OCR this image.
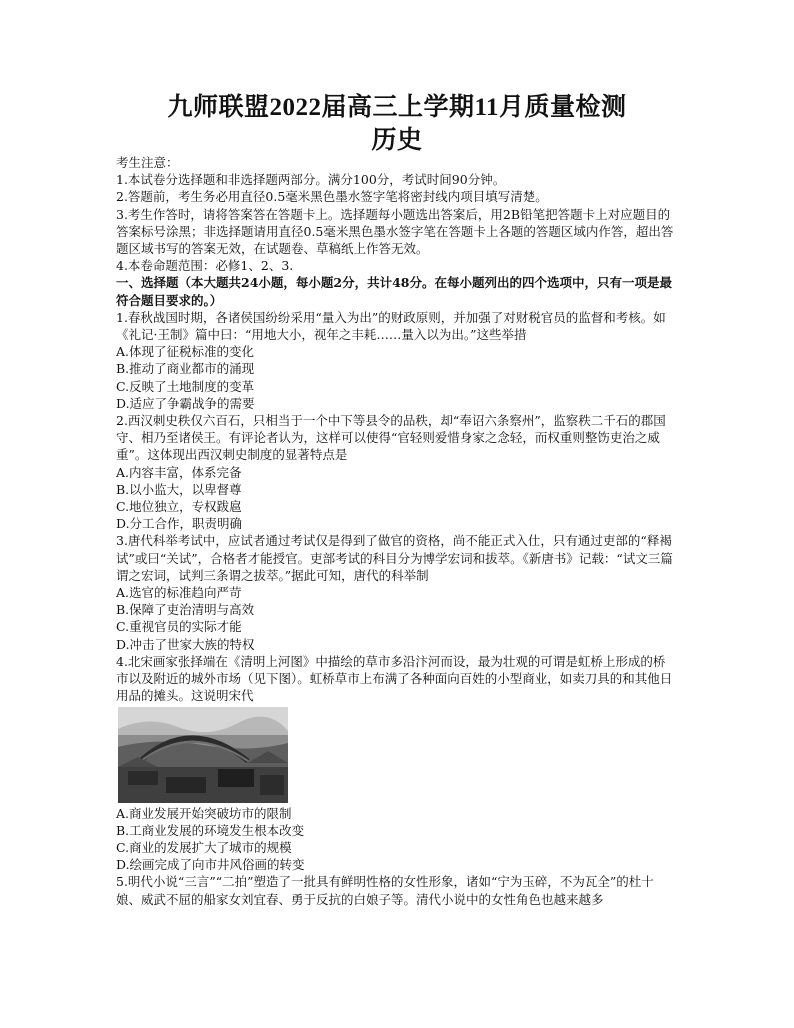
九师联盟2022届高三上学期11月质量检测
历史

考生注意：

1.本试卷分选择题和非选择题两部分。满分100分，考试时间90分钟。

2.答题前，考生务必用直径0.5毫米黑色墨水签字笔将密封线内项目填写清楚。

3.考生作答时，请将答案答在答题卡上。选择题每小题选出答案后，用2B铅笔把答题卡上对应题目的答案标号涂黑；非选择题请用直径0.5毫米黑色墨水签字笔在答题卡上各题的答题区域内作答，超出答题区域书写的答案无效，在试题卷、草稿纸上作答无效。

4.本卷命题范围：必修1、2、3.

一、选择题（本大题共24小题，每小题2分，共计48分。在每小题列出的四个选项中，只有一项是最符合题目要求的。）

1.春秋战国时期，各诸侯国纷纷采用“量入为出”的财政原则，并加强了对财税官员的监督和考核。如《礼记·王制》篇中曰：“用地大小，视年之丰耗……量入以为出。”这些举措

A.体现了征税标准的变化

B.推动了商业都市的涌现

C.反映了土地制度的变革

D.适应了争霸战争的需要

2.西汉刺史秩仅六百石，只相当于一个中下等县令的品秩，却“奉诏六条察州”，监察秩二千石的郡国守、相乃至诸侯王。有评论者认为，这样可以使得“官轻则爱惜身家之念轻，而权重则整饬吏治之威重”。这体现出西汉刺史制度的显著特点是

A.内容丰富，体系完备

B.以小监大，以卑督尊

C.地位独立，专权跋扈

D.分工合作，职责明确

3.唐代科举考试中，应试者通过考试仅是得到了做官的资格，尚不能正式入仕，只有通过吏部的“释褐试”或曰“关试”，合格者才能授官。吏部考试的科目分为博学宏词和拔萃。《新唐书》记载：“试文三篇谓之宏词，试判三条谓之拔萃。”据此可知，唐代的科举制

A.选官的标准趋向严苛

B.保障了吏治清明与高效

C.重视官员的实际才能

D.冲击了世家大族的特权

4.北宋画家张择端在《清明上河图》中描绘的草市多沿汴河而设，最为壮观的可谓是虹桥上形成的桥市以及附近的城外市场（见下图）。虹桥草市上布满了各种面向百姓的小型商业，如卖刀具的和其他日用品的摊头。这说明宋代

A.商业发展开始突破坊市的限制

B.工商业发展的环境发生根本改变

C.商业的发展扩大了城市的规模

D.绘画完成了向市井风俗画的转变

5.明代小说“三言”“二拍”塑造了一批具有鲜明性格的女性形象，诸如“宁为玉碎，不为瓦全”的杜十娘、威武不屈的船家女刘宜春、勇于反抗的白娘子等。清代小说中的女性角色也越来越多
